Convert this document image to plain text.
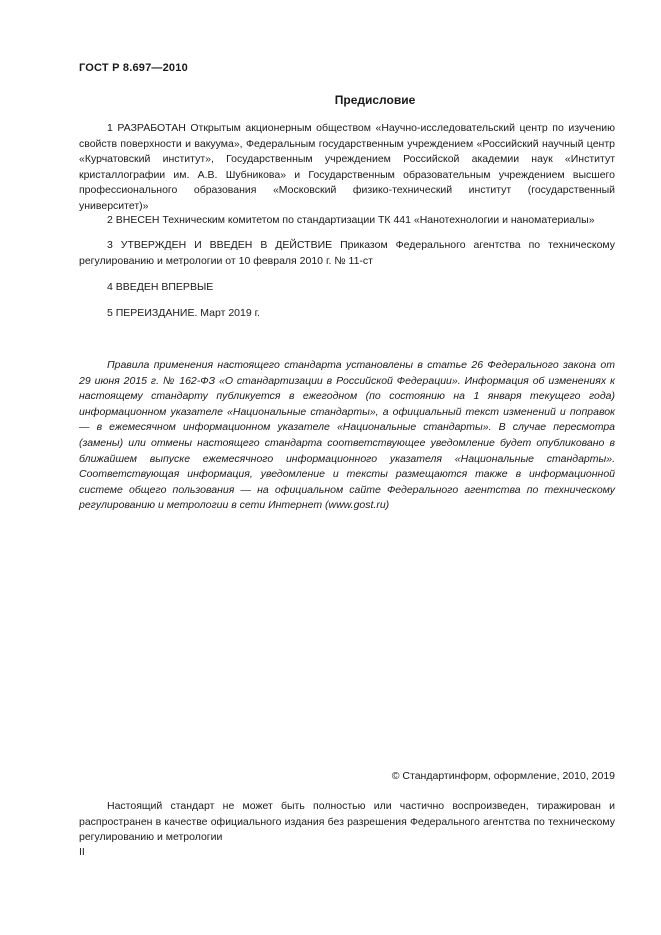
ГОСТ Р 8.697—2010
Предисловие
1 РАЗРАБОТАН Открытым акционерным обществом «Научно-исследовательский центр по изучению свойств поверхности и вакуума», Федеральным государственным учреждением «Российский научный центр «Курчатовский институт», Государственным учреждением Российской академии наук «Институт кристаллографии им. А.В. Шубникова» и Государственным образовательным учреждением высшего профессионального образования «Московский физико-технический институт (государственный университет)»
2 ВНЕСЕН Техническим комитетом по стандартизации ТК 441 «Нанотехнологии и наноматериалы»
3 УТВЕРЖДЕН И ВВЕДЕН В ДЕЙСТВИЕ Приказом Федерального агентства по техническому регулированию и метрологии от 10 февраля 2010 г. № 11-ст
4 ВВЕДЕН ВПЕРВЫЕ
5 ПЕРЕИЗДАНИЕ. Март 2019 г.
Правила применения настоящего стандарта установлены в статье 26 Федерального закона от 29 июня 2015 г. № 162-ФЗ «О стандартизации в Российской Федерации». Информация об изменениях к настоящему стандарту публикуется в ежегодном (по состоянию на 1 января текущего года) информационном указателе «Национальные стандарты», а официальный текст изменений и поправок — в ежемесячном информационном указателе «Национальные стандарты». В случае пересмотра (замены) или отмены настоящего стандарта соответствующее уведомление будет опубликовано в ближайшем выпуске ежемесячного информационного указателя «Национальные стандарты». Соответствующая информация, уведомление и тексты размещаются также в информационной системе общего пользования — на официальном сайте Федерального агентства по техническому регулированию и метрологии в сети Интернет (www.gost.ru)
© Стандартинформ, оформление, 2010, 2019
Настоящий стандарт не может быть полностью или частично воспроизведен, тиражирован и распространен в качестве официального издания без разрешения Федерального агентства по техническому регулированию и метрологии
II
